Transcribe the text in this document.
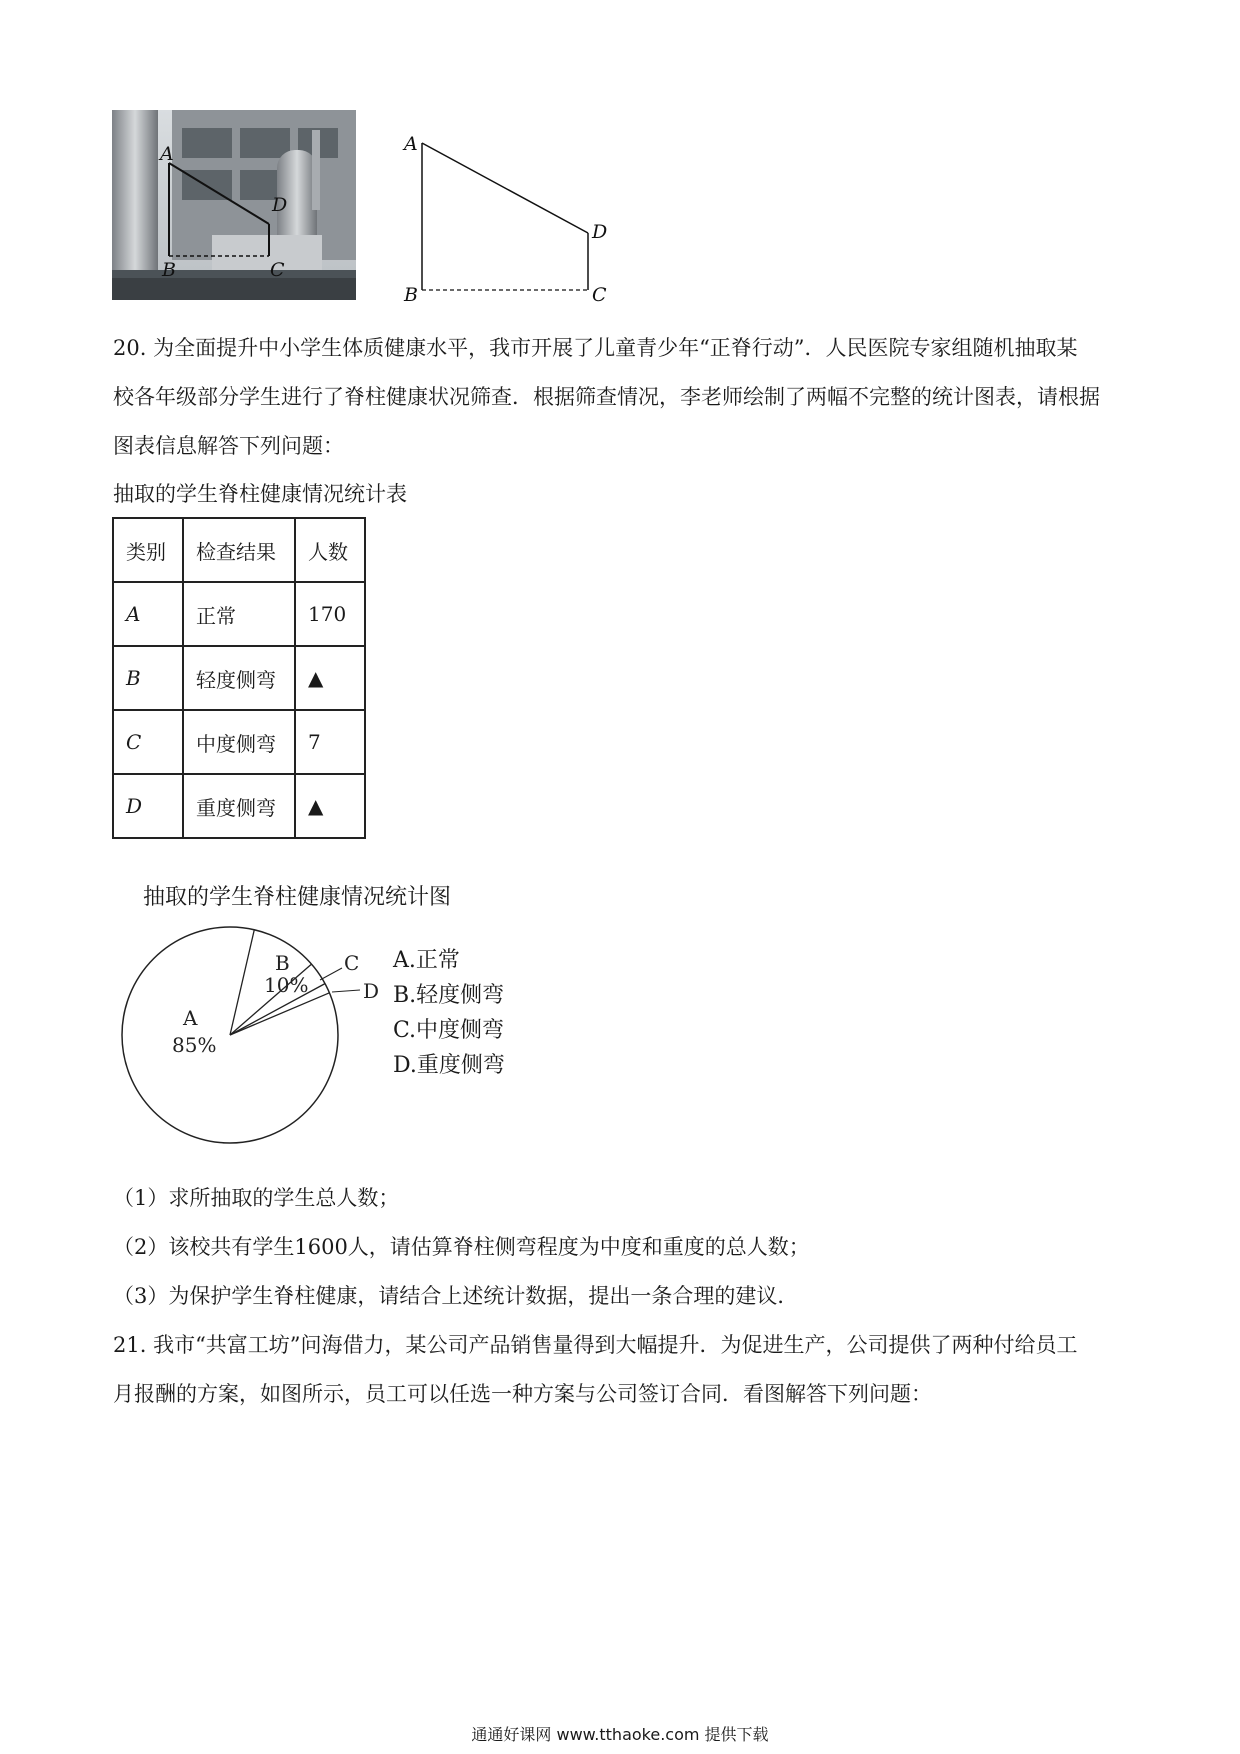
A
D
B	C
A
D
B	C
20. 为全面提升中小学生体质健康水平，我市开展了儿童青少年“正脊行动”．人民医院专家组随机抽取某
校各年级部分学生进行了脊柱健康状况筛查．根据筛查情况，李老师绘制了两幅不完整的统计图表，请根据
图表信息解答下列问题：
抽取的学生脊柱健康情况统计表
类别	检查结果	人数
A	正常	170
B	轻度侧弯	▲
C	中度侧弯	7
D	重度侧弯	▲
抽取的学生脊柱健康情况统计图
A
85%
B
10%
C
D
A.正常
B.轻度侧弯
C.中度侧弯
D.重度侧弯
（1）求所抽取的学生总人数；
（2）该校共有学生1600人，请估算脊柱侧弯程度为中度和重度的总人数；
（3）为保护学生脊柱健康，请结合上述统计数据，提出一条合理的建议．
21. 我市“共富工坊”问海借力，某公司产品销售量得到大幅提升．为促进生产，公司提供了两种付给员工
月报酬的方案，如图所示，员工可以任选一种方案与公司签订合同．看图解答下列问题：
通通好课网 www.tthaoke.com 提供下载
